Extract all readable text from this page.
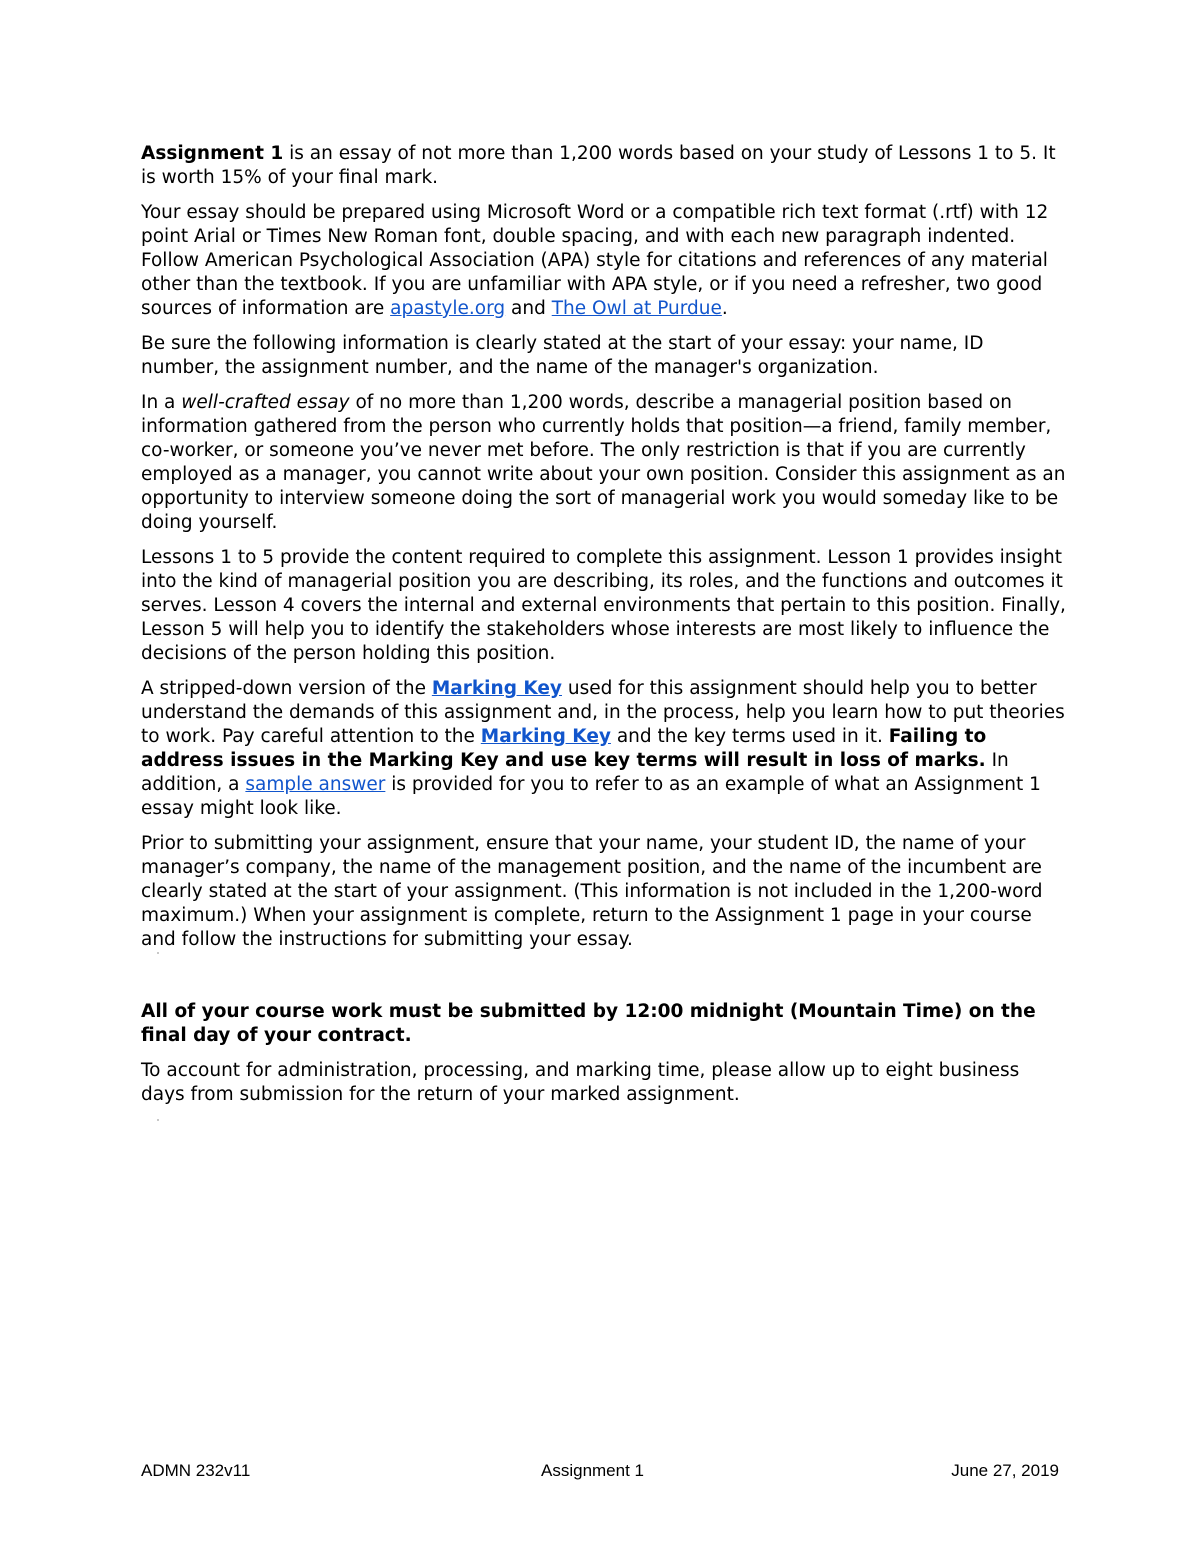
Assignment 1 is an essay of not more than 1,200 words based on your study of Lessons 1 to 5. It is worth 15% of your final mark.

Your essay should be prepared using Microsoft Word or a compatible rich text format (.rtf) with 12 point Arial or Times New Roman font, double spacing, and with each new paragraph indented. Follow American Psychological Association (APA) style for citations and references of any material other than the textbook. If you are unfamiliar with APA style, or if you need a refresher, two good sources of information are apastyle.org and The Owl at Purdue.

Be sure the following information is clearly stated at the start of your essay: your name, ID number, the assignment number, and the name of the manager's organization.

In a well-crafted essay of no more than 1,200 words, describe a managerial position based on information gathered from the person who currently holds that position—a friend, family member, co-worker, or someone you’ve never met before. The only restriction is that if you are currently employed as a manager, you cannot write about your own position. Consider this assignment as an opportunity to interview someone doing the sort of managerial work you would someday like to be doing yourself.

Lessons 1 to 5 provide the content required to complete this assignment. Lesson 1 provides insight into the kind of managerial position you are describing, its roles, and the functions and outcomes it serves. Lesson 4 covers the internal and external environments that pertain to this position. Finally, Lesson 5 will help you to identify the stakeholders whose interests are most likely to influence the decisions of the person holding this position.

A stripped-down version of the Marking Key used for this assignment should help you to better understand the demands of this assignment and, in the process, help you learn how to put theories to work. Pay careful attention to the Marking Key and the key terms used in it. Failing to address issues in the Marking Key and use key terms will result in loss of marks. In addition, a sample answer is provided for you to refer to as an example of what an Assignment 1 essay might look like.

Prior to submitting your assignment, ensure that your name, your student ID, the name of your manager’s company, the name of the management position, and the name of the incumbent are clearly stated at the start of your assignment. (This information is not included in the 1,200-word maximum.) When your assignment is complete, return to the Assignment 1 page in your course and follow the instructions for submitting your essay.

All of your course work must be submitted by 12:00 midnight (Mountain Time) on the final day of your contract.

To account for administration, processing, and marking time, please allow up to eight business days from submission for the return of your marked assignment.

ADMN 232v11	Assignment 1	June 27, 2019
